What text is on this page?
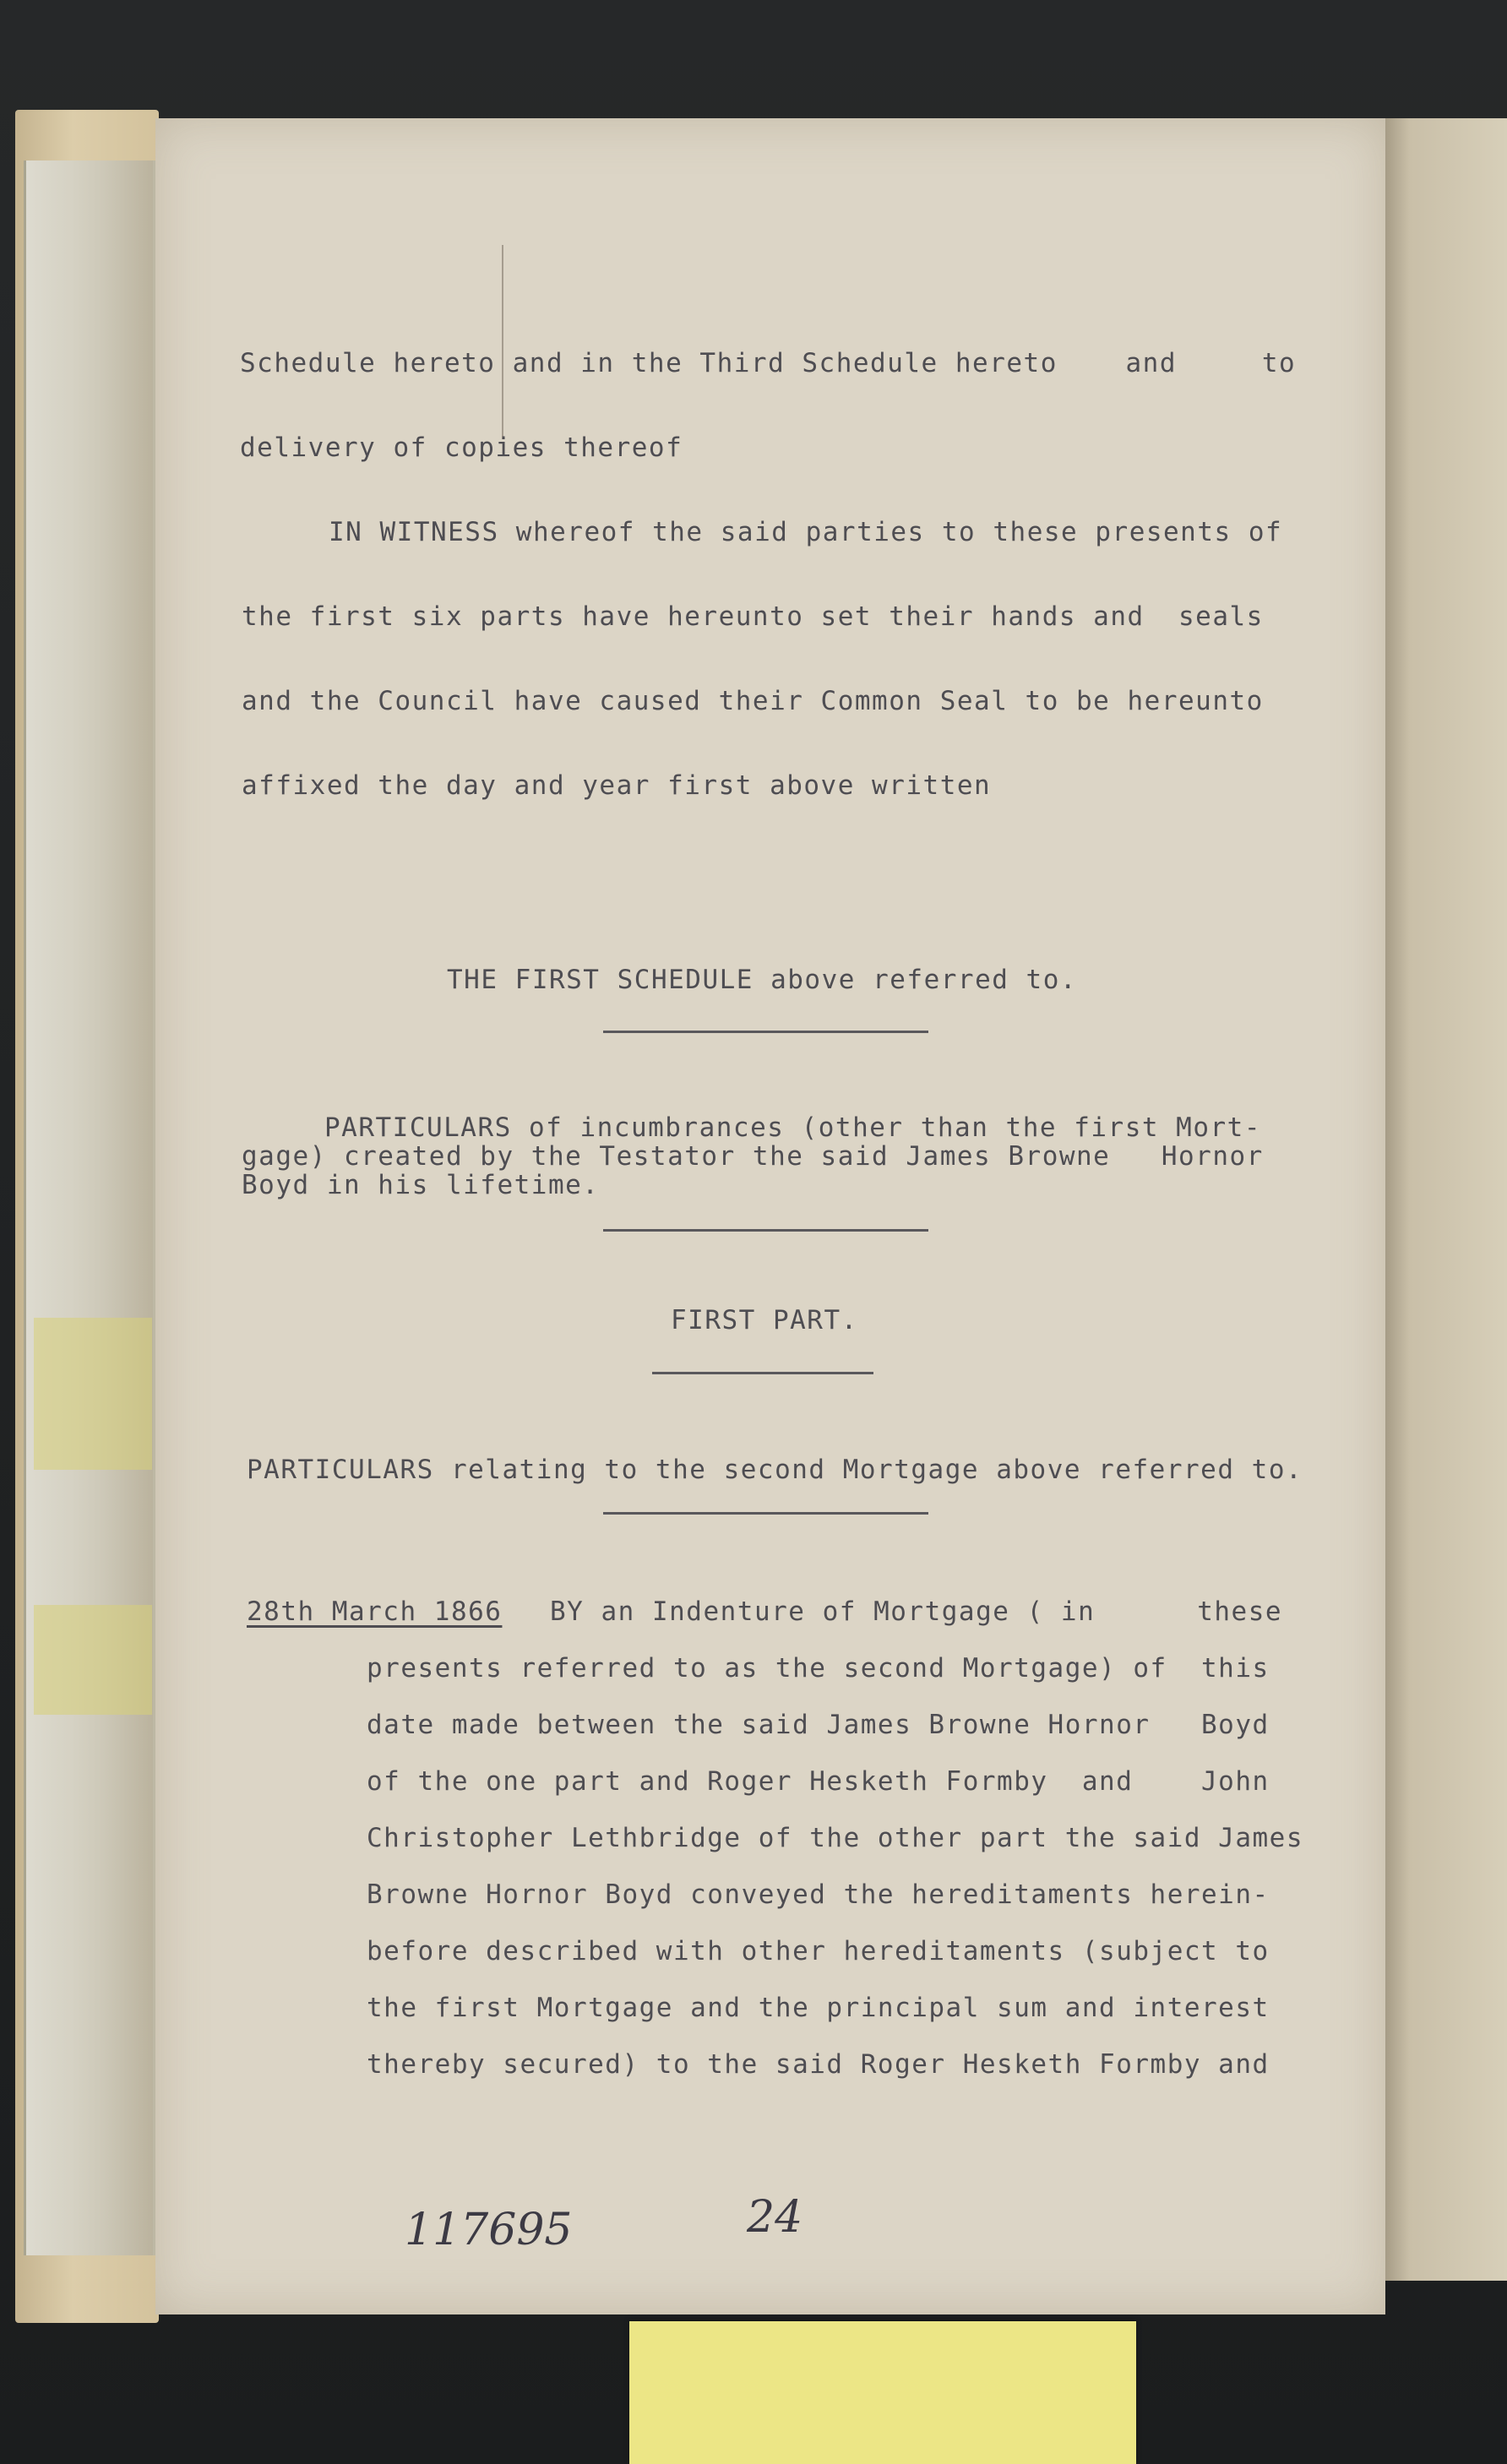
Schedule hereto and in the Third Schedule hereto    and     to

delivery of copies thereof

IN WITNESS whereof the said parties to these presents of

the first six parts have hereunto set their hands and  seals

and the Council have caused their Common Seal to be hereunto

affixed the day and year first above written

THE FIRST SCHEDULE above referred to.

PARTICULARS of incumbrances (other than the first Mort-

gage) created by the Testator the said James Browne   Hornor

Boyd in his lifetime.

FIRST PART.

PARTICULARS relating to the second Mortgage above referred to.

28th March 1866 BY an Indenture of Mortgage ( in      these

presents referred to as the second Mortgage) of  this

date made between the said James Browne Hornor   Boyd

of the one part and Roger Hesketh Formby  and    John

Christopher Lethbridge of the other part the said James

Browne Hornor Boyd conveyed the hereditaments herein-

before described with other hereditaments (subject to

the first Mortgage and the principal sum and interest

thereby secured) to the said Roger Hesketh Formby and

117695	24
